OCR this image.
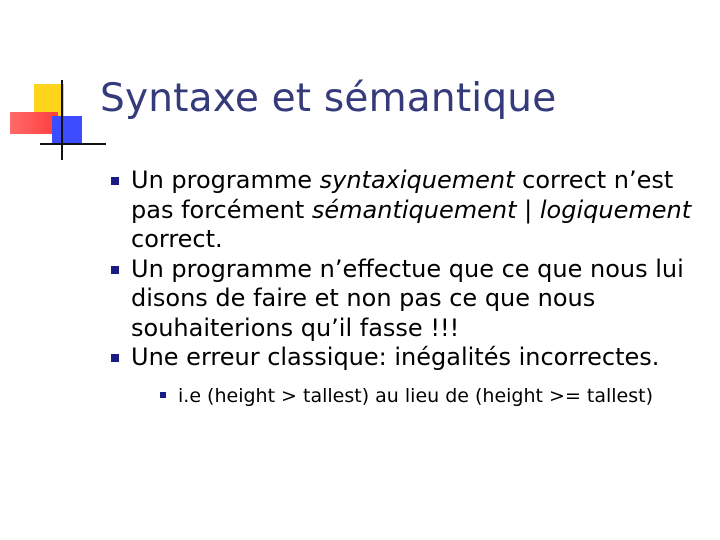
Syntaxe et sémantique
Un programme syntaxiquement correct n’est pas forcément sémantiquement | logiquement correct.
Un programme n’effectue que ce que nous lui disons de faire et non pas ce que nous souhaiterions qu’il fasse !!!
Une erreur classique: inégalités incorrectes.
i.e (height > tallest) au lieu de (height >= tallest)
